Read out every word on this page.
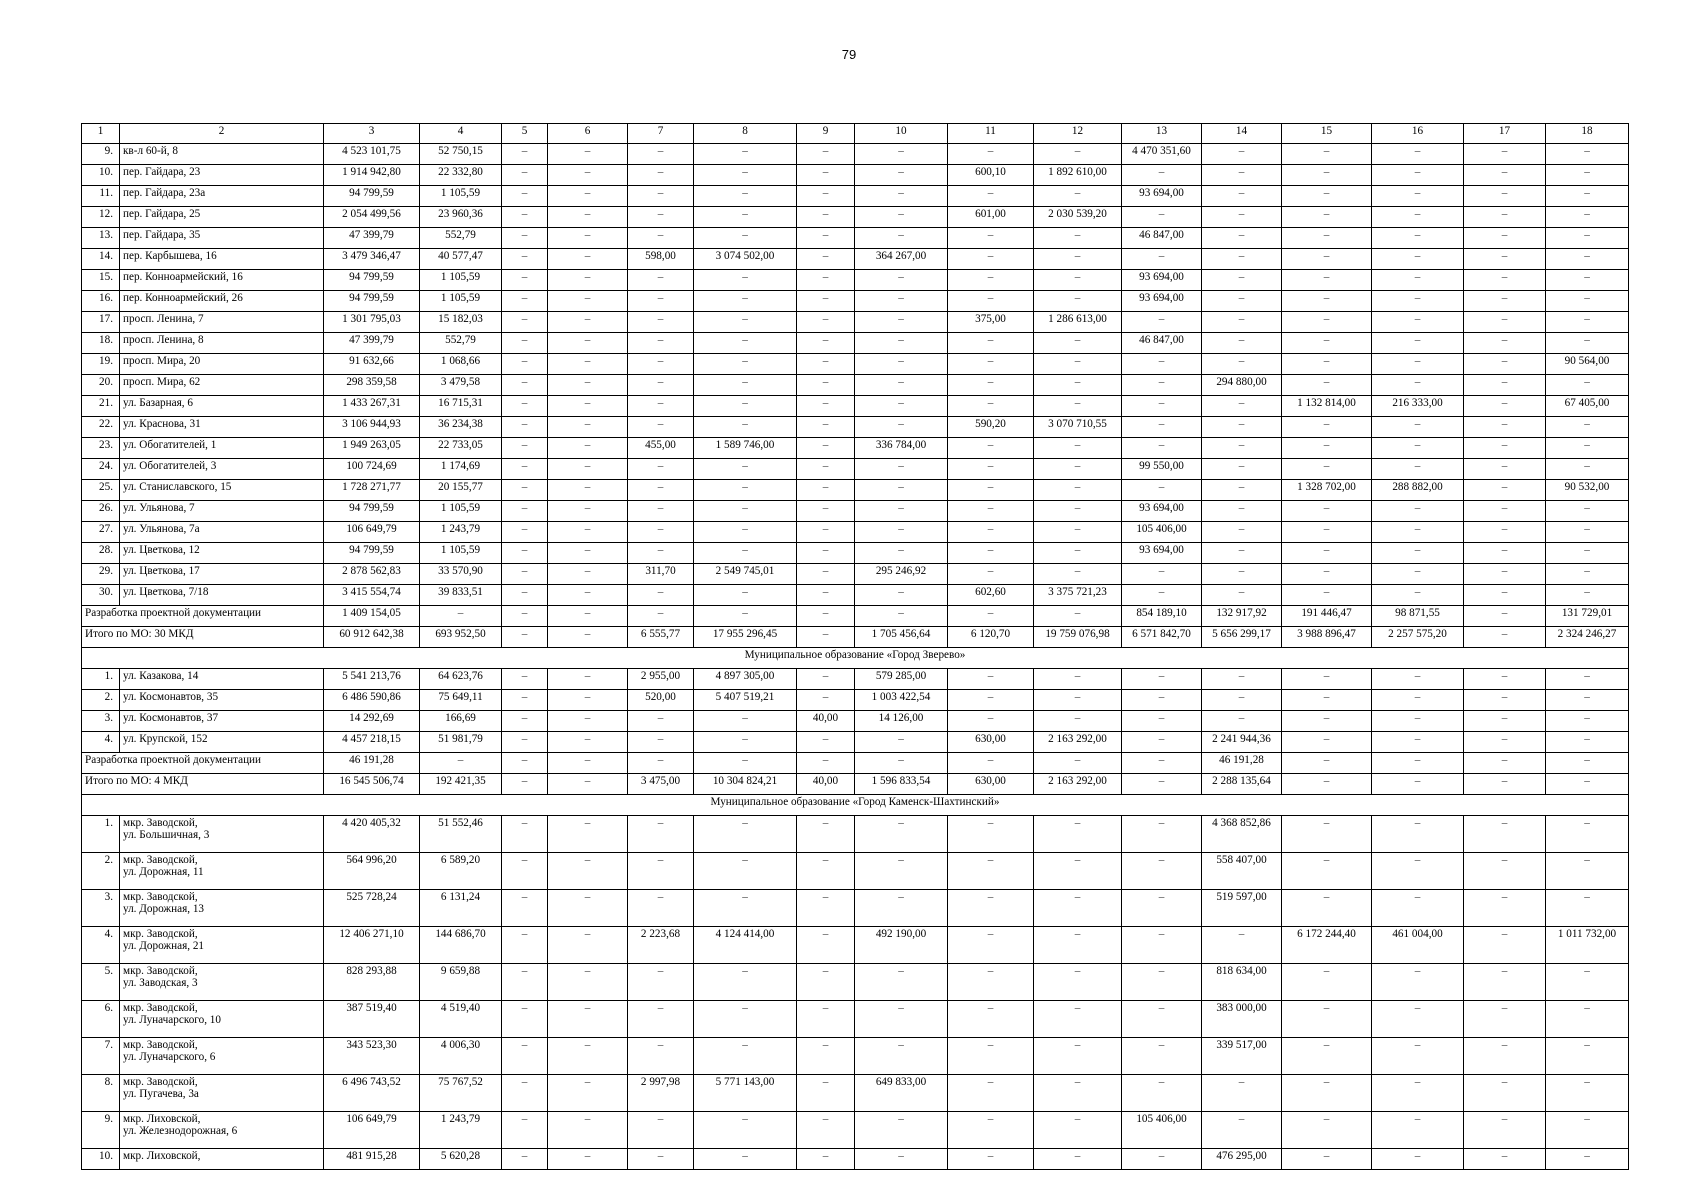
79
1	2	3	4	5	6	7	8	9	10	11	12	13	14	15	16	17	18
9.	кв-л 60-й, 8	4 523 101,75	52 750,15	–	–	–	–	–	–	–	–	4 470 351,60	–	–	–	–	–
10.	пер. Гайдара, 23	1 914 942,80	22 332,80	–	–	–	–	–	–	600,10	1 892 610,00	–	–	–	–	–	–
11.	пер. Гайдара, 23а	94 799,59	1 105,59	–	–	–	–	–	–	–	–	93 694,00	–	–	–	–	–
12.	пер. Гайдара, 25	2 054 499,56	23 960,36	–	–	–	–	–	–	601,00	2 030 539,20	–	–	–	–	–	–
13.	пер. Гайдара, 35	47 399,79	552,79	–	–	–	–	–	–	–	–	46 847,00	–	–	–	–	–
14.	пер. Карбышева, 16	3 479 346,47	40 577,47	–	–	598,00	3 074 502,00	–	364 267,00	–	–	–	–	–	–	–	–
15.	пер. Конноармейский, 16	94 799,59	1 105,59	–	–	–	–	–	–	–	–	93 694,00	–	–	–	–	–
16.	пер. Конноармейский, 26	94 799,59	1 105,59	–	–	–	–	–	–	–	–	93 694,00	–	–	–	–	–
17.	просп. Ленина, 7	1 301 795,03	15 182,03	–	–	–	–	–	–	375,00	1 286 613,00	–	–	–	–	–	–
18.	просп. Ленина, 8	47 399,79	552,79	–	–	–	–	–	–	–	–	46 847,00	–	–	–	–	–
19.	просп. Мира, 20	91 632,66	1 068,66	–	–	–	–	–	–	–	–	–	–	–	–	–	90 564,00
20.	просп. Мира, 62	298 359,58	3 479,58	–	–	–	–	–	–	–	–	–	294 880,00	–	–	–	–
21.	ул. Базарная, 6	1 433 267,31	16 715,31	–	–	–	–	–	–	–	–	–	–	1 132 814,00	216 333,00	–	67 405,00
22.	ул. Краснова, 31	3 106 944,93	36 234,38	–	–	–	–	–	–	590,20	3 070 710,55	–	–	–	–	–	–
23.	ул. Обогатителей, 1	1 949 263,05	22 733,05	–	–	455,00	1 589 746,00	–	336 784,00	–	–	–	–	–	–	–	–
24.	ул. Обогатителей, 3	100 724,69	1 174,69	–	–	–	–	–	–	–	–	99 550,00	–	–	–	–	–
25.	ул. Станиславского, 15	1 728 271,77	20 155,77	–	–	–	–	–	–	–	–	–	–	1 328 702,00	288 882,00	–	90 532,00
26.	ул. Ульянова, 7	94 799,59	1 105,59	–	–	–	–	–	–	–	–	93 694,00	–	–	–	–	–
27.	ул. Ульянова, 7а	106 649,79	1 243,79	–	–	–	–	–	–	–	–	105 406,00	–	–	–	–	–
28.	ул. Цветкова, 12	94 799,59	1 105,59	–	–	–	–	–	–	–	–	93 694,00	–	–	–	–	–
29.	ул. Цветкова, 17	2 878 562,83	33 570,90	–	–	311,70	2 549 745,01	–	295 246,92	–	–	–	–	–	–	–	–
30.	ул. Цветкова, 7/18	3 415 554,74	39 833,51	–	–	–	–	–	–	602,60	3 375 721,23	–	–	–	–	–	–
Разработка проектной документации		1 409 154,05	–	–	–	–	–	–	–	–	–	854 189,10	132 917,92	191 446,47	98 871,55	–	131 729,01
Итого по МО: 30 МКД		60 912 642,38	693 952,50	–	–	6 555,77	17 955 296,45	–	1 705 456,64	6 120,70	19 759 076,98	6 571 842,70	5 656 299,17	3 988 896,47	2 257 575,20	–	2 324 246,27
Муниципальное образование «Город Зверево»																	
1.	ул. Казакова, 14	5 541 213,76	64 623,76	–	–	2 955,00	4 897 305,00	–	579 285,00	–	–	–	–	–	–	–	–
2.	ул. Космонавтов, 35	6 486 590,86	75 649,11	–	–	520,00	5 407 519,21	–	1 003 422,54	–	–	–	–	–	–	–	–
3.	ул. Космонавтов, 37	14 292,69	166,69	–	–	–	–	40,00	14 126,00	–	–	–	–	–	–	–	–
4.	ул. Крупской, 152	4 457 218,15	51 981,79	–	–	–	–	–	–	630,00	2 163 292,00	–	2 241 944,36	–	–	–	–
Разработка проектной документации		46 191,28	–	–	–	–	–	–	–	–	–	–	46 191,28	–	–	–	–
Итого по МО: 4 МКД		16 545 506,74	192 421,35	–	–	3 475,00	10 304 824,21	40,00	1 596 833,54	630,00	2 163 292,00	–	2 288 135,64	–	–	–	–
Муниципальное образование «Город Каменск-Шахтинский»																	
1.	мкр. Заводской,
ул. Большичная, 3	4 420 405,32	51 552,46	–	–	–	–	–	–	–	–	–	4 368 852,86	–	–	–	–
2.	мкр. Заводской,
ул. Дорожная, 11	564 996,20	6 589,20	–	–	–	–	–	–	–	–	–	558 407,00	–	–	–	–
3.	мкр. Заводской,
ул. Дорожная, 13	525 728,24	6 131,24	–	–	–	–	–	–	–	–	–	519 597,00	–	–	–	–
4.	мкр. Заводской,
ул. Дорожная, 21	12 406 271,10	144 686,70	–	–	2 223,68	4 124 414,00	–	492 190,00	–	–	–	–	6 172 244,40	461 004,00	–	1 011 732,00
5.	мкр. Заводской,
ул. Заводская, 3	828 293,88	9 659,88	–	–	–	–	–	–	–	–	–	818 634,00	–	–	–	–
6.	мкр. Заводской,
ул. Луначарского, 10	387 519,40	4 519,40	–	–	–	–	–	–	–	–	–	383 000,00	–	–	–	–
7.	мкр. Заводской,
ул. Луначарского, 6	343 523,30	4 006,30	–	–	–	–	–	–	–	–	–	339 517,00	–	–	–	–
8.	мкр. Заводской,
ул. Пугачева, 3а	6 496 743,52	75 767,52	–	–	2 997,98	5 771 143,00	–	649 833,00	–	–	–	–	–	–	–	–
9.	мкр. Лиховской,
ул. Железнодорожная, 6	106 649,79	1 243,79	–	–	–	–	–	–	–	–	105 406,00	–	–	–	–	–
10.	мкр. Лиховской,	481 915,28	5 620,28	–	–	–	–	–	–	–	–	–	476 295,00	–	–	–	–
